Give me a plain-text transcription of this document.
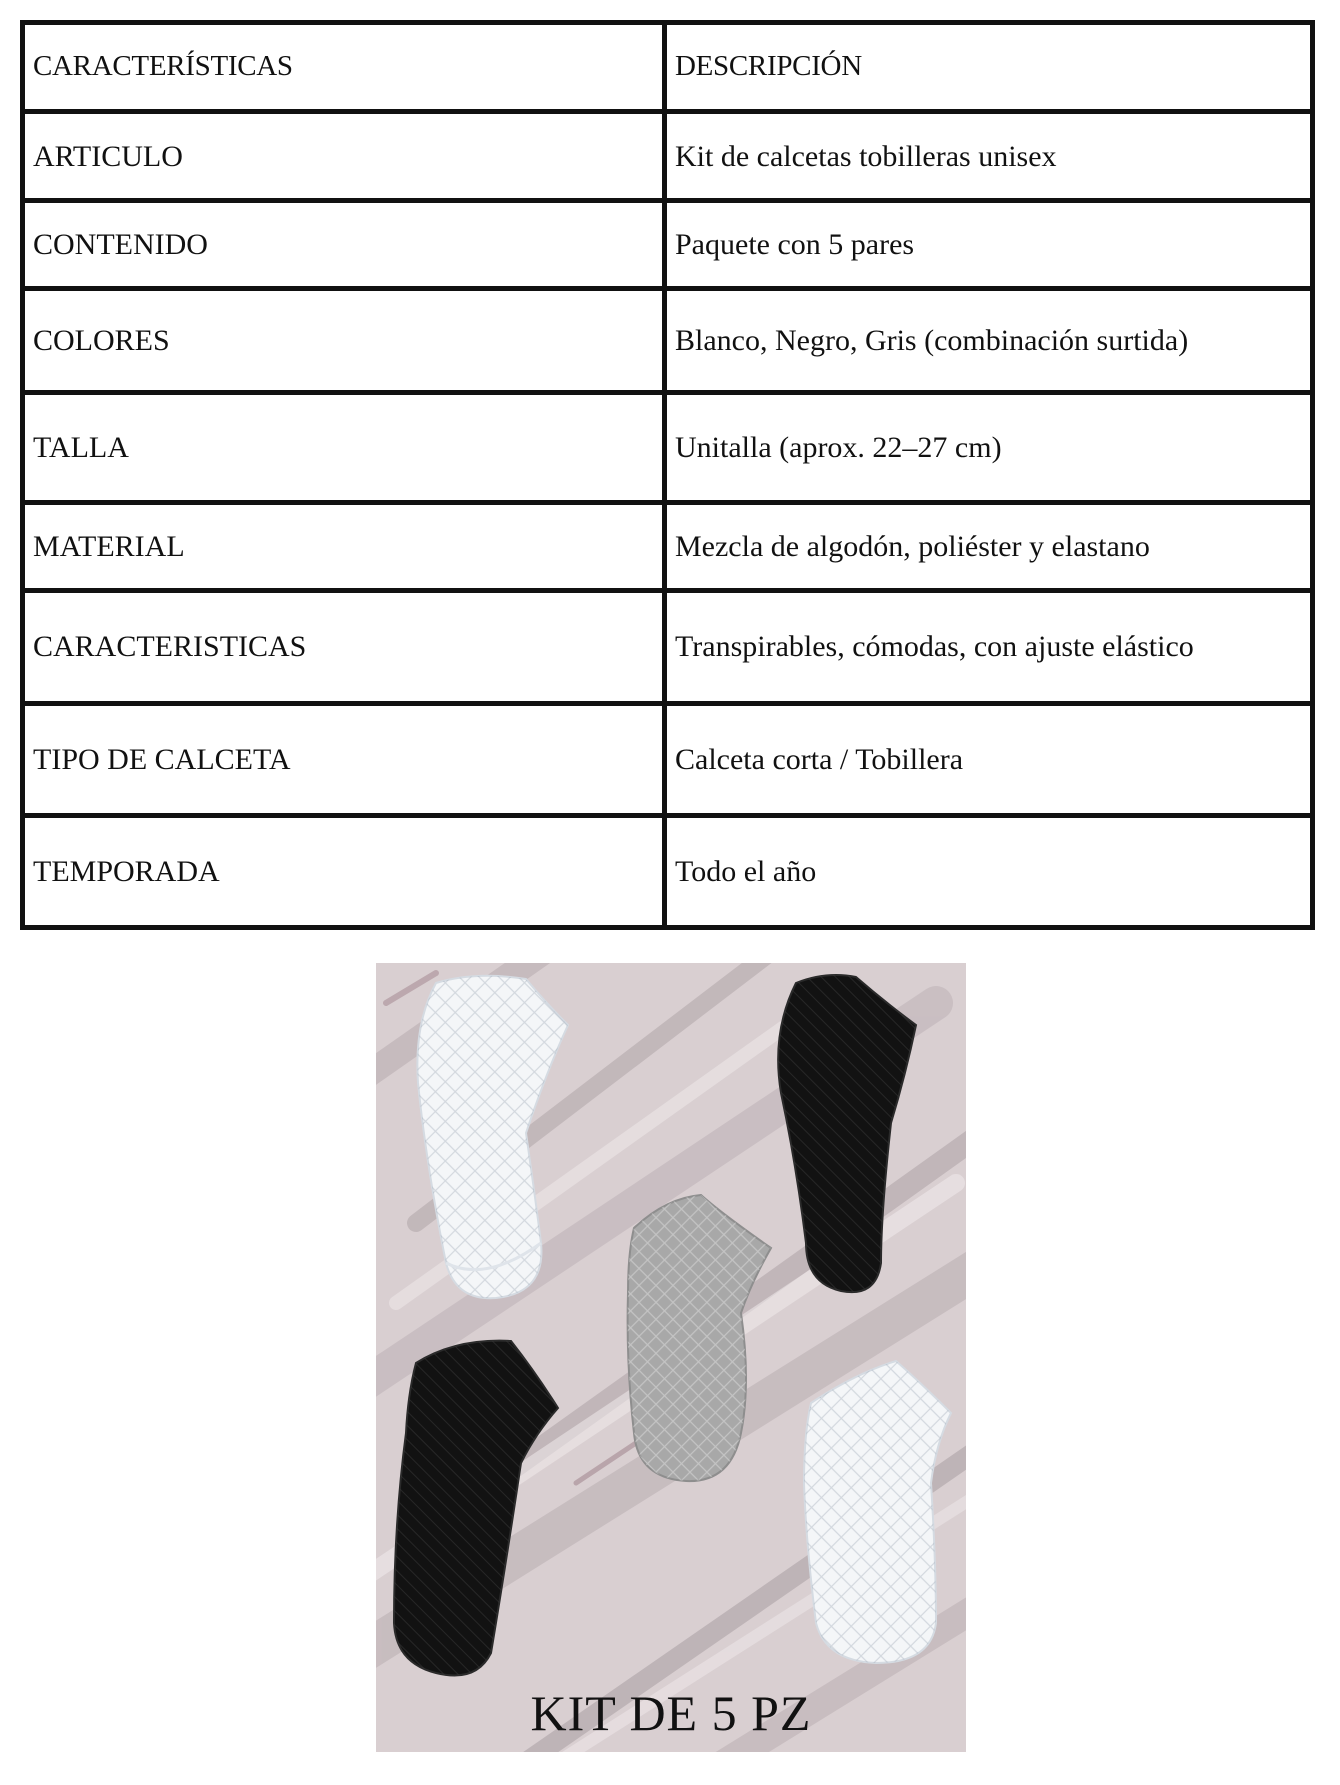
CARACTERÍSTICAS	DESCRIPCIÓN
ARTICULO	Kit de calcetas tobilleras unisex
CONTENIDO	Paquete con 5 pares
COLORES	Blanco, Negro, Gris (combinación surtida)
TALLA	Unitalla (aprox. 22–27 cm)
MATERIAL	Mezcla de algodón, poliéster y elastano
CARACTERISTICAS	Transpirables, cómodas, con ajuste elástico
TIPO DE CALCETA	Calceta corta / Tobillera
TEMPORADA	Todo el año
KIT DE 5 PZ
